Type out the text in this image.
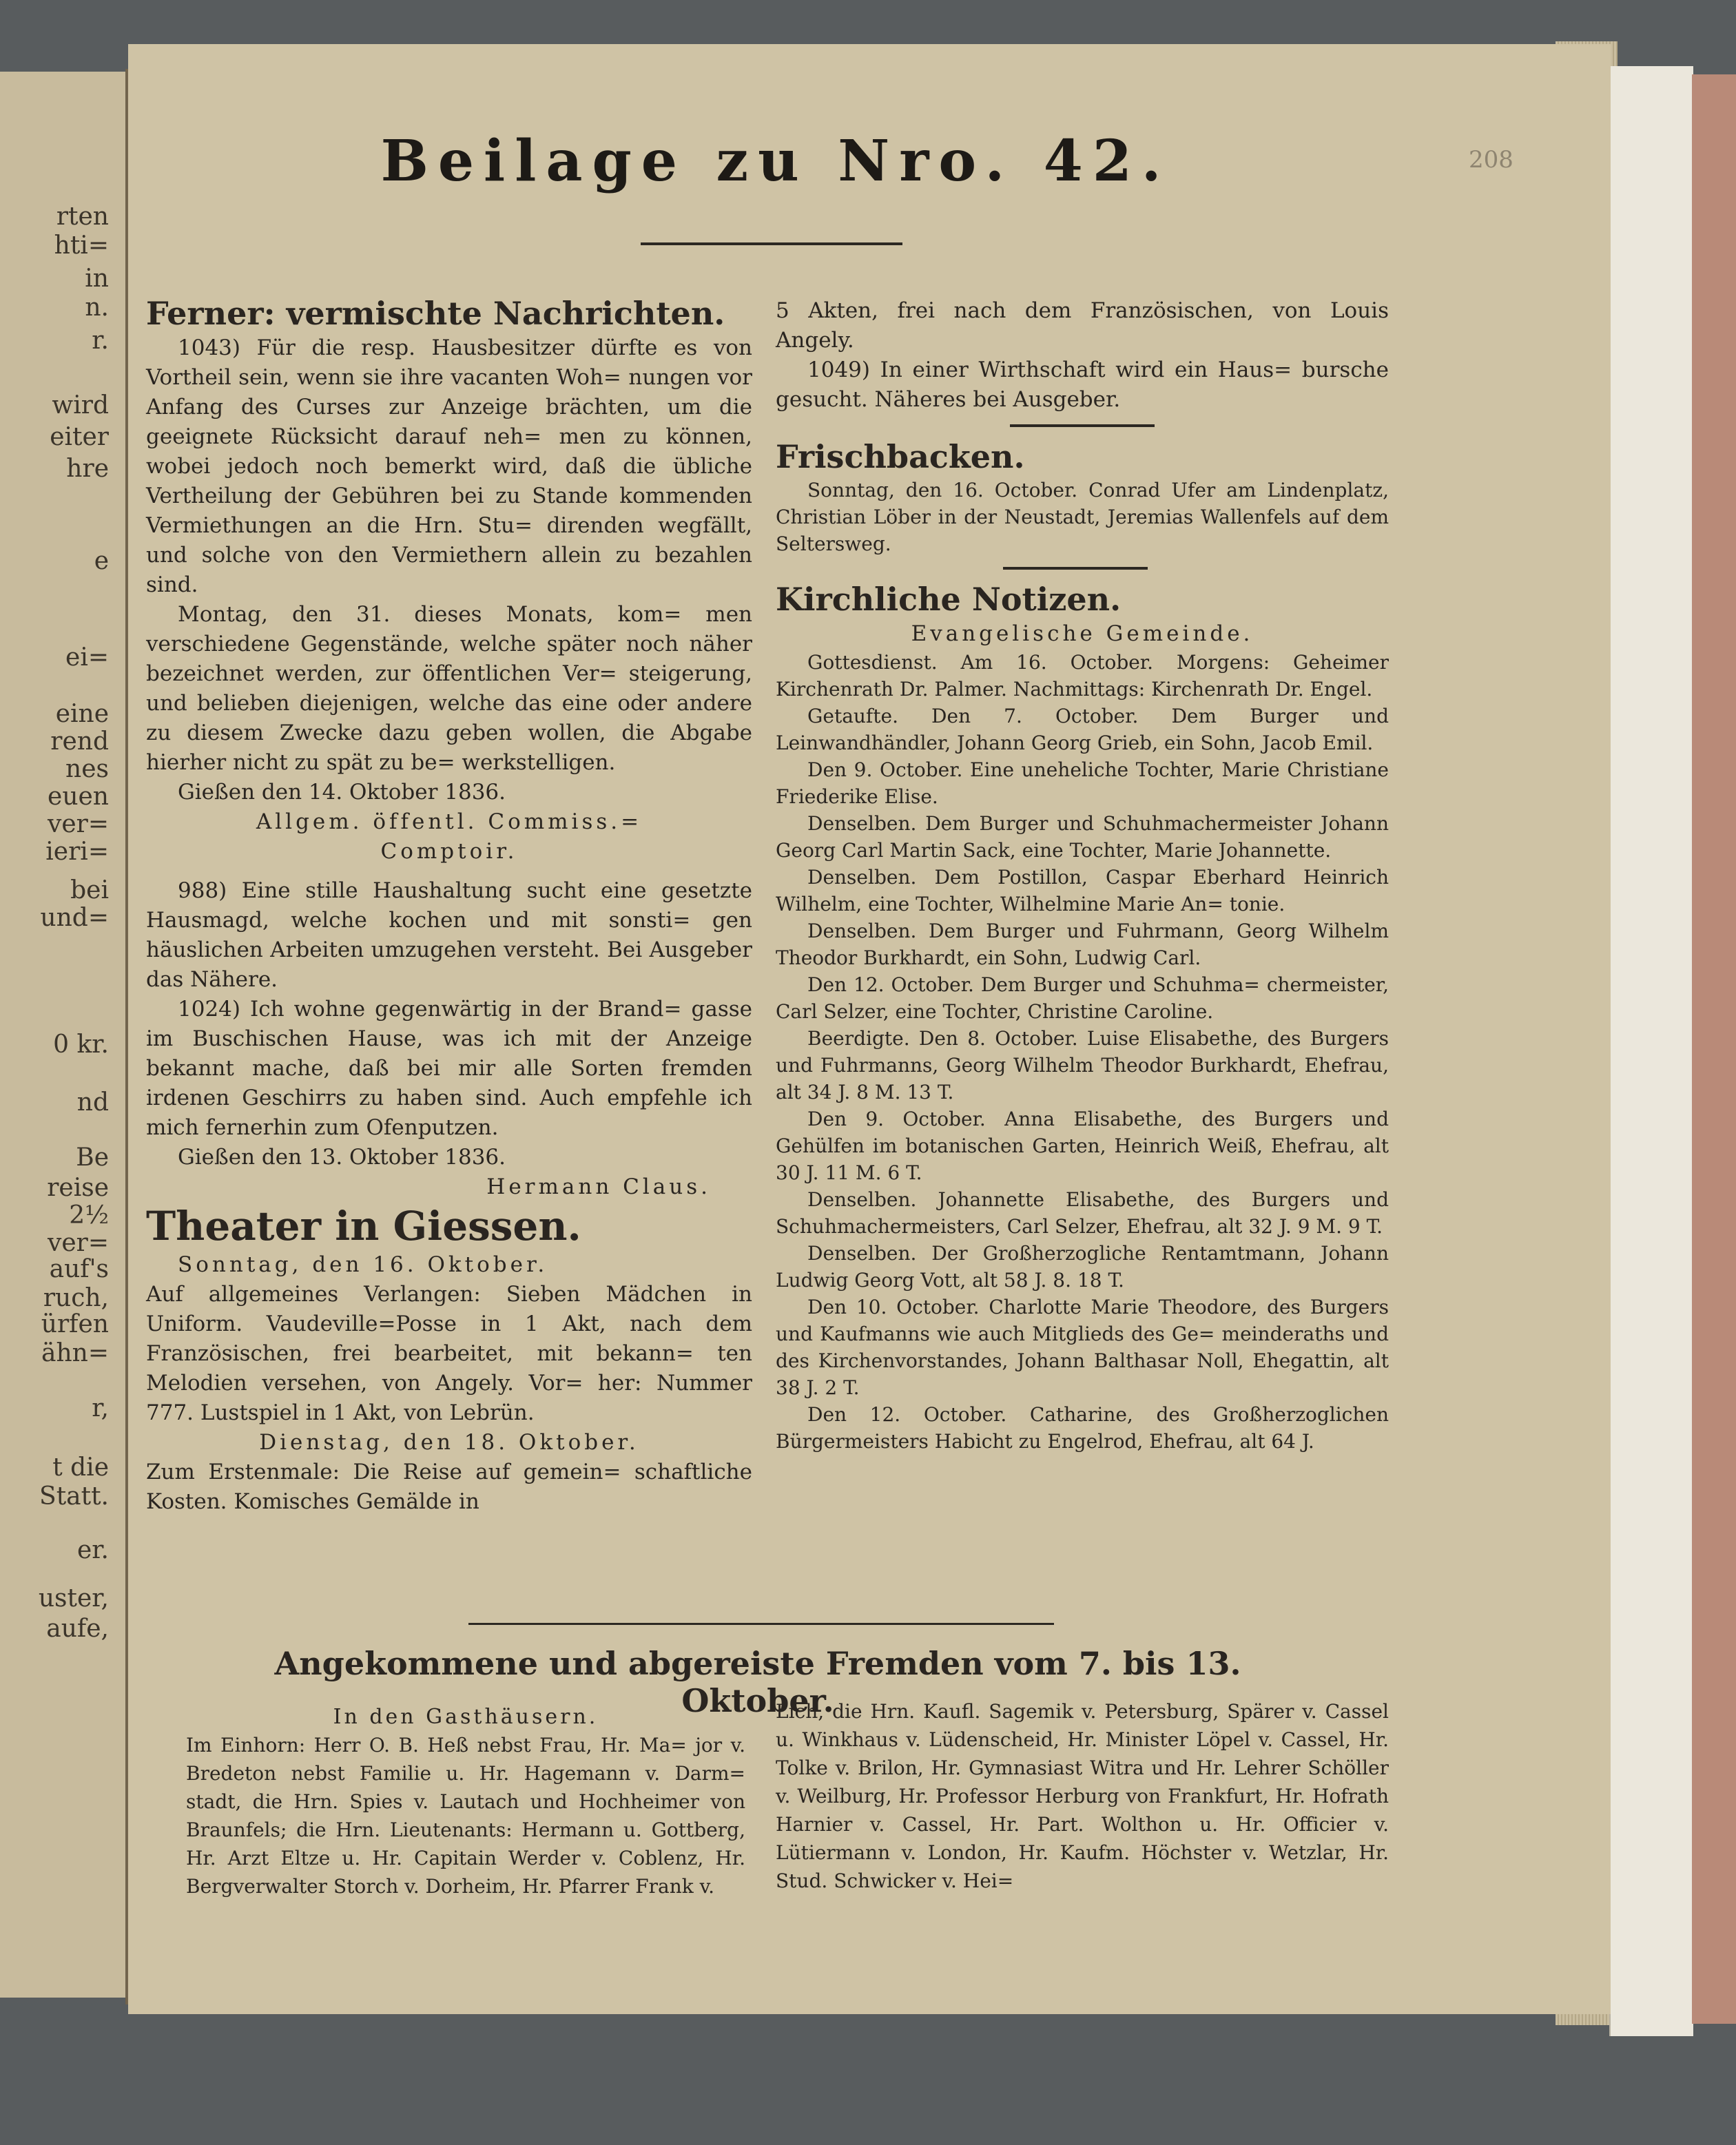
rten
hti=
in
n.
r.
wird
eiter
hre
e
ei=
eine
rend
nes
euen
ver=
ieri=
bei
und=
0 kr.
nd
Be
reise
2½
ver=
auf's
ruch,
ürfen
ähn=
r,
t die
Statt.
er.
uster,
aufe,
Beilage zu Nro. 42.	208

Ferner: vermischte Nachrichten.

1043) Für die resp. Hausbesitzer dürfte es von Vortheil sein, wenn sie ihre vacanten Woh= nungen vor Anfang des Curses zur Anzeige brächten, um die geeignete Rücksicht darauf neh= men zu können, wobei jedoch noch bemerkt wird, daß die übliche Vertheilung der Gebühren bei zu Stande kommenden Vermiethungen an die Hrn. Stu= direnden wegfällt, und solche von den Vermiethern allein zu bezahlen sind.

Montag, den 31. dieses Monats, kom= men verschiedene Gegenstände, welche später noch näher bezeichnet werden, zur öffentlichen Ver= steigerung, und belieben diejenigen, welche das eine oder andere zu diesem Zwecke dazu geben wollen, die Abgabe hierher nicht zu spät zu be= werkstelligen.

Gießen den 14. Oktober 1836.

Allgem. öffentl. Commiss.=

Comptoir.

988) Eine stille Haushaltung sucht eine gesetzte Hausmagd, welche kochen und mit sonsti= gen häuslichen Arbeiten umzugehen versteht. Bei Ausgeber das Nähere.

1024) Ich wohne gegenwärtig in der Brand= gasse im Buschischen Hause, was ich mit der Anzeige bekannt mache, daß bei mir alle Sorten fremden irdenen Geschirrs zu haben sind. Auch empfehle ich mich fernerhin zum Ofenputzen.

Gießen den 13. Oktober 1836.

Hermann Claus.

Theater in Giessen.

Sonntag, den 16. Oktober.

Auf allgemeines Verlangen: Sieben Mädchen in Uniform. Vaudeville=Posse in 1 Akt, nach dem Französischen, frei bearbeitet, mit bekann= ten Melodien versehen, von Angely. Vor= her: Nummer 777. Lustspiel in 1 Akt, von Lebrün.

Dienstag, den 18. Oktober.

Zum Erstenmale: Die Reise auf gemein= schaftliche Kosten. Komisches Gemälde in

5 Akten, frei nach dem Französischen, von Louis Angely.

1049) In einer Wirthschaft wird ein Haus= bursche gesucht. Näheres bei Ausgeber.

Frischbacken.

Sonntag, den 16. October. Conrad Ufer am Lindenplatz, Christian Löber in der Neustadt, Jeremias Wallenfels auf dem Seltersweg.

Kirchliche Notizen.

Evangelische Gemeinde.

Gottesdienst. Am 16. October. Morgens: Geheimer Kirchenrath Dr. Palmer. Nachmittags: Kirchenrath Dr. Engel.

Getaufte. Den 7. October. Dem Burger und Leinwandhändler, Johann Georg Grieb, ein Sohn, Jacob Emil.

Den 9. October. Eine uneheliche Tochter, Marie Christiane Friederike Elise.

Denselben. Dem Burger und Schuhmachermeister Johann Georg Carl Martin Sack, eine Tochter, Marie Johannette.

Denselben. Dem Postillon, Caspar Eberhard Heinrich Wilhelm, eine Tochter, Wilhelmine Marie An= tonie.

Denselben. Dem Burger und Fuhrmann, Georg Wilhelm Theodor Burkhardt, ein Sohn, Ludwig Carl.

Den 12. October. Dem Burger und Schuhma= chermeister, Carl Selzer, eine Tochter, Christine Caroline.

Beerdigte. Den 8. October. Luise Elisabethe, des Burgers und Fuhrmanns, Georg Wilhelm Theodor Burkhardt, Ehefrau, alt 34 J. 8 M. 13 T.

Den 9. October. Anna Elisabethe, des Burgers und Gehülfen im botanischen Garten, Heinrich Weiß, Ehefrau, alt 30 J. 11 M. 6 T.

Denselben. Johannette Elisabethe, des Burgers und Schuhmachermeisters, Carl Selzer, Ehefrau, alt 32 J. 9 M. 9 T.

Denselben. Der Großherzogliche Rentamtmann, Johann Ludwig Georg Vott, alt 58 J. 8. 18 T.

Den 10. October. Charlotte Marie Theodore, des Burgers und Kaufmanns wie auch Mitglieds des Ge= meinderaths und des Kirchenvorstandes, Johann Balthasar Noll, Ehegattin, alt 38 J. 2 T.

Den 12. October. Catharine, des Großherzoglichen Bürgermeisters Habicht zu Engelrod, Ehefrau, alt 64 J.

Angekommene und abgereiste Fremden vom 7. bis 13. Oktober.

In den Gasthäusern.

Im Einhorn: Herr O. B. Heß nebst Frau, Hr. Ma= jor v. Bredeton nebst Familie u. Hr. Hagemann v. Darm= stadt, die Hrn. Spies v. Lautach und Hochheimer von Braunfels; die Hrn. Lieutenants: Hermann u. Gottberg, Hr. Arzt Eltze u. Hr. Capitain Werder v. Coblenz, Hr. Bergverwalter Storch v. Dorheim, Hr. Pfarrer Frank v.

Lich, die Hrn. Kaufl. Sagemik v. Petersburg, Spärer v. Cassel u. Winkhaus v. Lüdenscheid, Hr. Minister Löpel v. Cassel, Hr. Tolke v. Brilon, Hr. Gymnasiast Witra und Hr. Lehrer Schöller v. Weilburg, Hr. Professor Herburg von Frankfurt, Hr. Hofrath Harnier v. Cassel, Hr. Part. Wolthon u. Hr. Officier v. Lütiermann v. London, Hr. Kaufm. Höchster v. Wetzlar, Hr. Stud. Schwicker v. Hei=
